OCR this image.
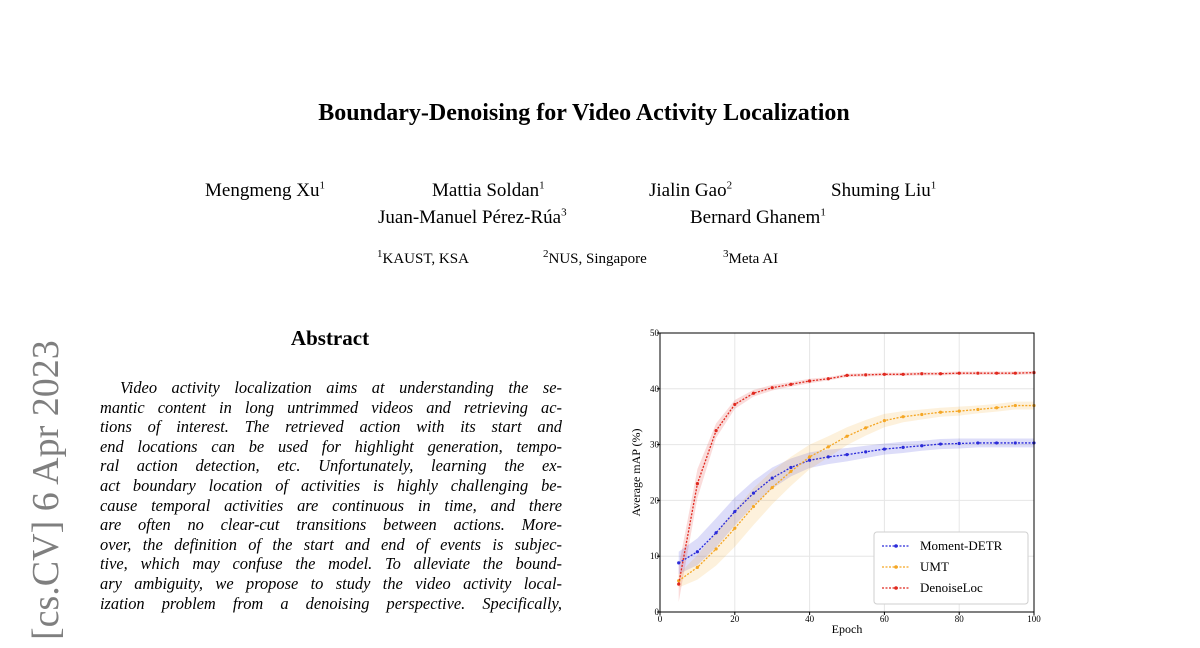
Boundary-Denoising for Video Activity Localization
Mengmeng Xu$^1$	Mattia Soldan$^1$	Jialin Gao$^2$	Shuming Liu$^1$
Juan-Manuel Pérez-Rúa$^3$	Bernard Ghanem$^1$
$^1$KAUST, KSA	$^2$NUS, Singapore	$^3$Meta AI
[cs.CV] 6 Apr 2023
Abstract
Video activity localization aims at understanding the se-
mantic content in long untrimmed videos and retrieving ac-
tions of interest. The retrieved action with its start and
end locations can be used for highlight generation, tempo-
ral action detection, etc. Unfortunately, learning the ex-
act boundary location of activities is highly challenging be-
cause temporal activities are continuous in time, and there
are often no clear-cut transitions between actions. More-
over, the definition of the start and end of events is subjec-
tive, which may confuse the model. To alleviate the bound-
ary ambiguity, we propose to study the video activity local-
ization problem from a denoising perspective. Specifically,
0	20	40	60	80	100
0
10
20
30
40
50
Epoch
Average mAP (%)
Moment-DETR
UMT
DenoiseLoc
